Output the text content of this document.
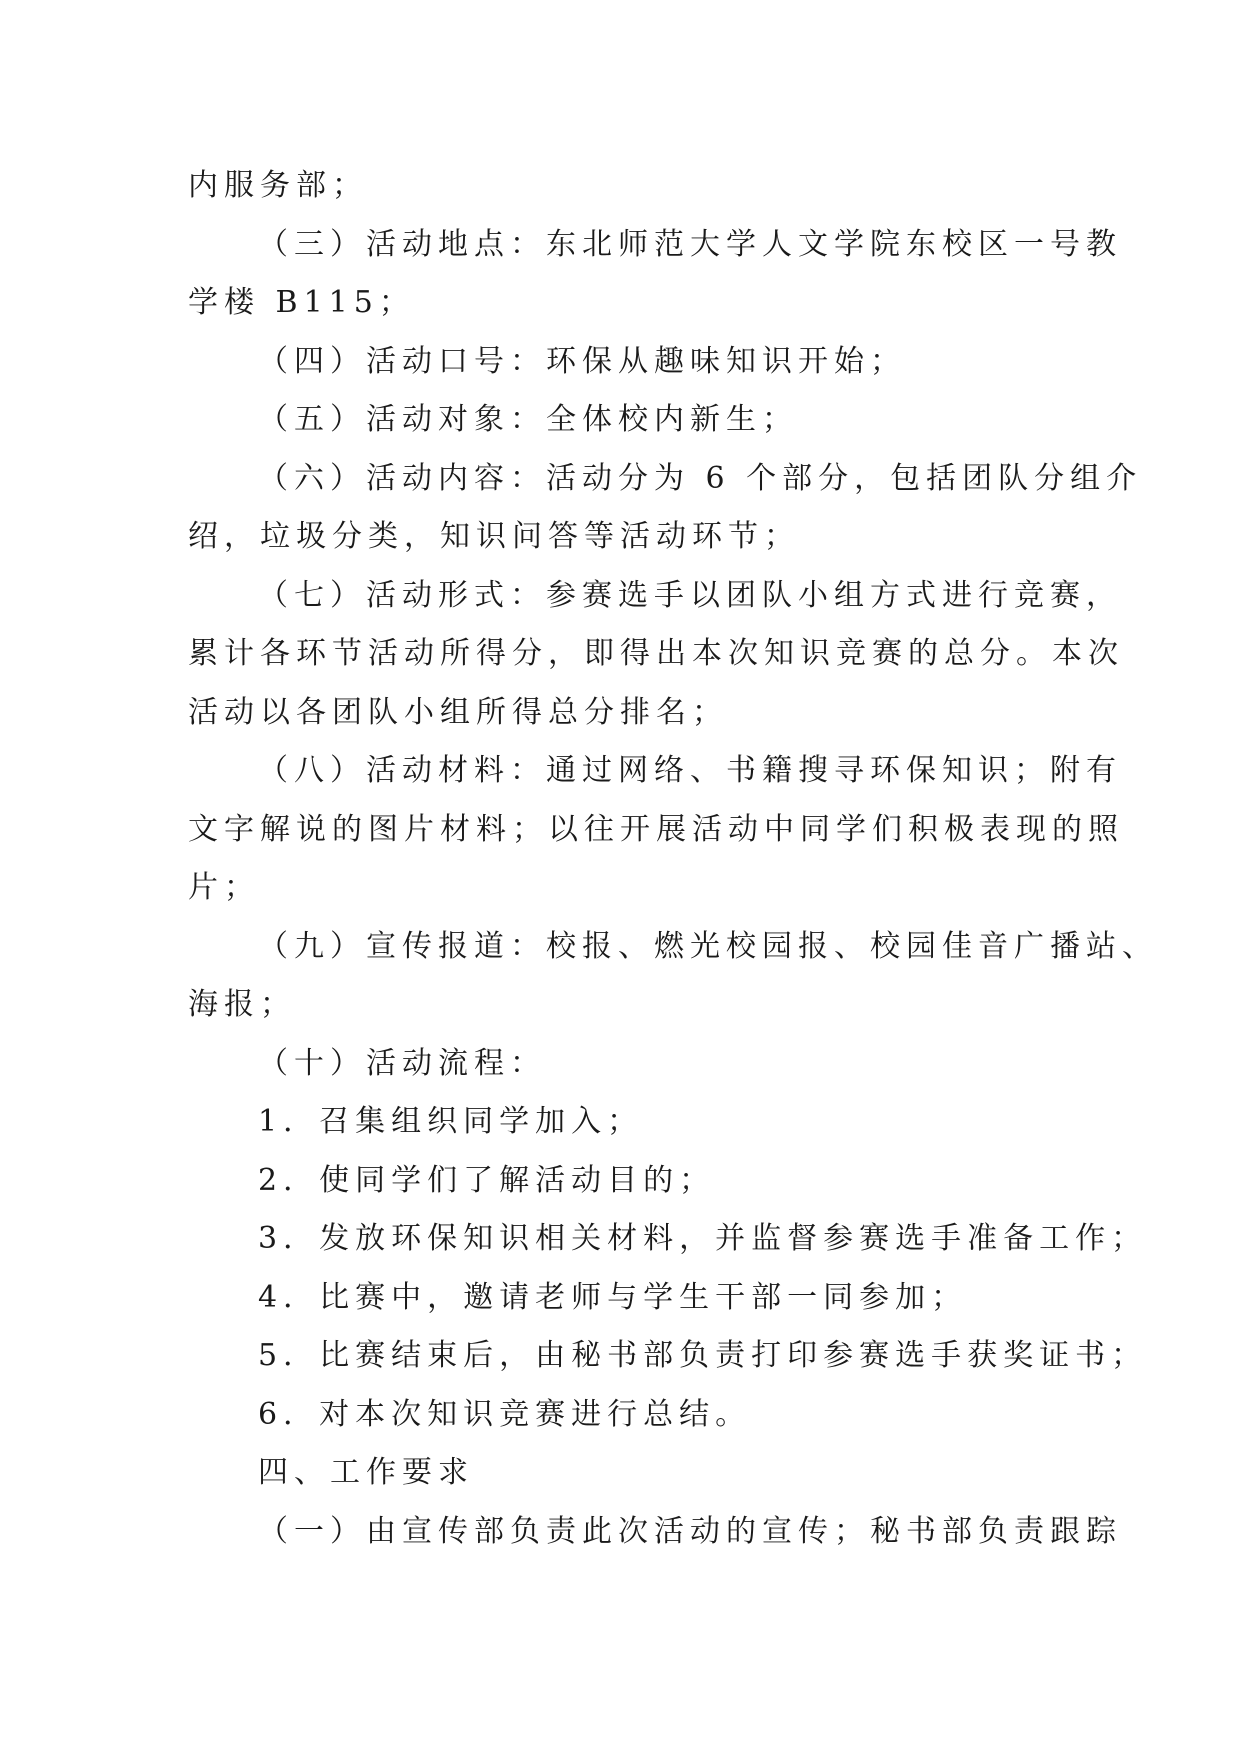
内服务部；
（三）活动地点：东北师范大学人文学院东校区一号教
学楼 B115；
（四）活动口号：环保从趣味知识开始；
（五）活动对象：全体校内新生；
（六）活动内容：活动分为 6 个部分，包括团队分组介
绍，垃圾分类，知识问答等活动环节；
（七）活动形式：参赛选手以团队小组方式进行竞赛，
累计各环节活动所得分，即得出本次知识竞赛的总分。本次
活动以各团队小组所得总分排名；
（八）活动材料：通过网络、书籍搜寻环保知识；附有
文字解说的图片材料；以往开展活动中同学们积极表现的照
片；
（九）宣传报道：校报、燃光校园报、校园佳音广播站、
海报；
（十）活动流程：
1．召集组织同学加入；
2．使同学们了解活动目的；
3．发放环保知识相关材料，并监督参赛选手准备工作；
4．比赛中，邀请老师与学生干部一同参加；
5．比赛结束后，由秘书部负责打印参赛选手获奖证书；
6．对本次知识竞赛进行总结。
四、工作要求
（一）由宣传部负责此次活动的宣传；秘书部负责跟踪
